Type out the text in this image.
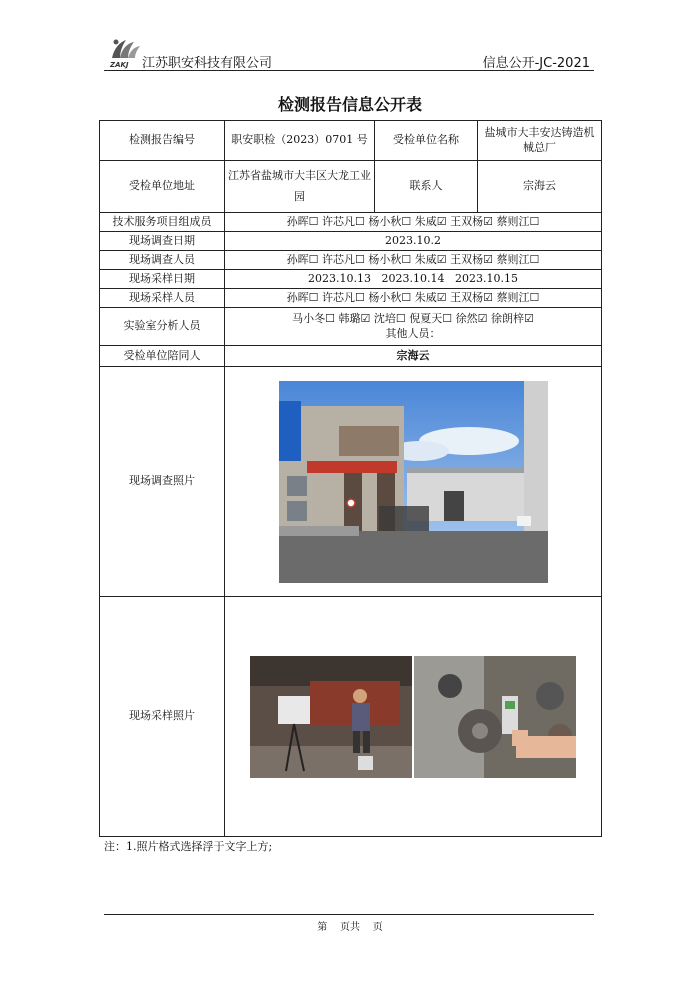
ZAKJ 江苏职安科技有限公司	信息公开-JC-2021
检测报告信息公开表
检测报告编号	职安职检（2023）0701 号	受检单位名称	盐城市大丰安达铸造机械总厂
受检单位地址	江苏省盐城市大丰区大龙工业园	联系人	宗海云
技术服务项目组成员	孙晖☐ 许芯凡☐ 杨小秋☐ 朱威☑ 王双杨☑ 蔡则江☐		
现场调查日期	2023.10.2		
现场调查人员	孙晖☐ 许芯凡☐ 杨小秋☐ 朱威☑ 王双杨☑ 蔡则江☐		
现场采样日期	2023.10.13   2023.10.14   2023.10.15		
现场采样人员	孙晖☐ 许芯凡☐ 杨小秋☐ 朱威☑ 王双杨☑ 蔡则江☐		
实验室分析人员	马小冬☐ 韩璐☑ 沈培☐ 倪夏天☐ 徐然☑ 徐朗梓☑
其他人员：		

受检单位陪同人	宗海云		
现场调查照片	

现场采样照片	
注：1.照片格式选择浮于文字上方;
第    页共    页
